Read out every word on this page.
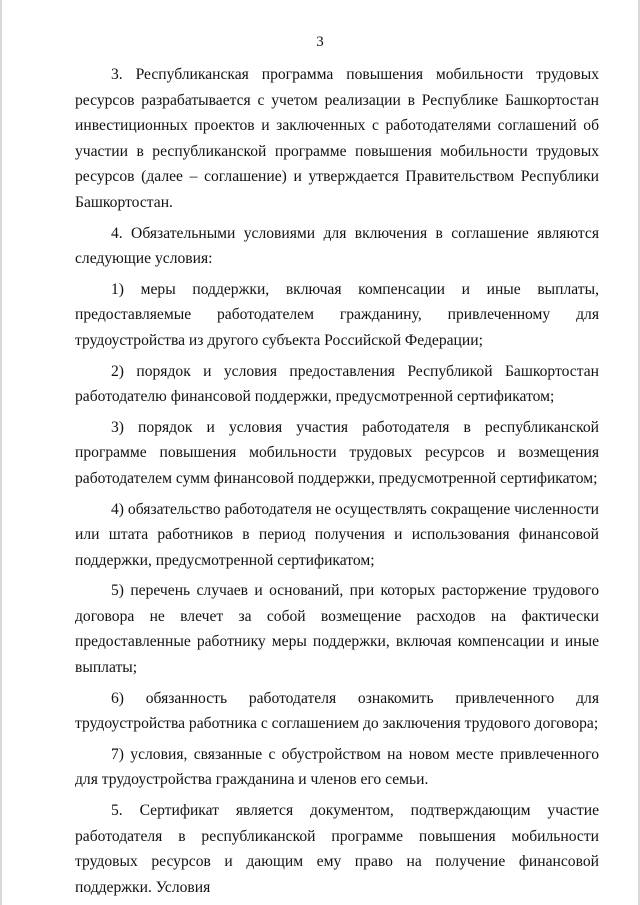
3

3. Республиканская программа повышения мобильности трудовых ресурсов разрабатывается с учетом реализации в Республике Башкортостан инвестиционных проектов и заключенных с работодателями соглашений об участии в республиканской программе повышения мобильности трудовых ресурсов (далее – соглашение) и утверждается Правительством Республики Башкортостан.

4. Обязательными условиями для включения в соглашение являются следующие условия:

1) меры поддержки, включая компенсации и иные выплаты, предоставляемые работодателем гражданину, привлеченному для трудоустройства из другого субъекта Российской Федерации;

2) порядок и условия предоставления Республикой Башкортостан работодателю финансовой поддержки, предусмотренной сертификатом;

3) порядок и условия участия работодателя в республиканской программе повышения мобильности трудовых ресурсов и возмещения работодателем сумм финансовой поддержки, предусмотренной сертификатом;

4) обязательство работодателя не осуществлять сокращение численности или штата работников в период получения и использования финансовой поддержки, предусмотренной сертификатом;

5) перечень случаев и оснований, при которых расторжение трудового договора не влечет за собой возмещение расходов на фактически предоставленные работнику меры поддержки, включая компенсации и иные выплаты;

6) обязанность работодателя ознакомить привлеченного для трудоустройства работника с соглашением до заключения трудового договора;

7) условия, связанные с обустройством на новом месте привлеченного для трудоустройства гражданина и членов его семьи.

5. Сертификат является документом, подтверждающим участие работодателя в республиканской программе повышения мобильности трудовых ресурсов и дающим ему право на получение финансовой поддержки. Условия
